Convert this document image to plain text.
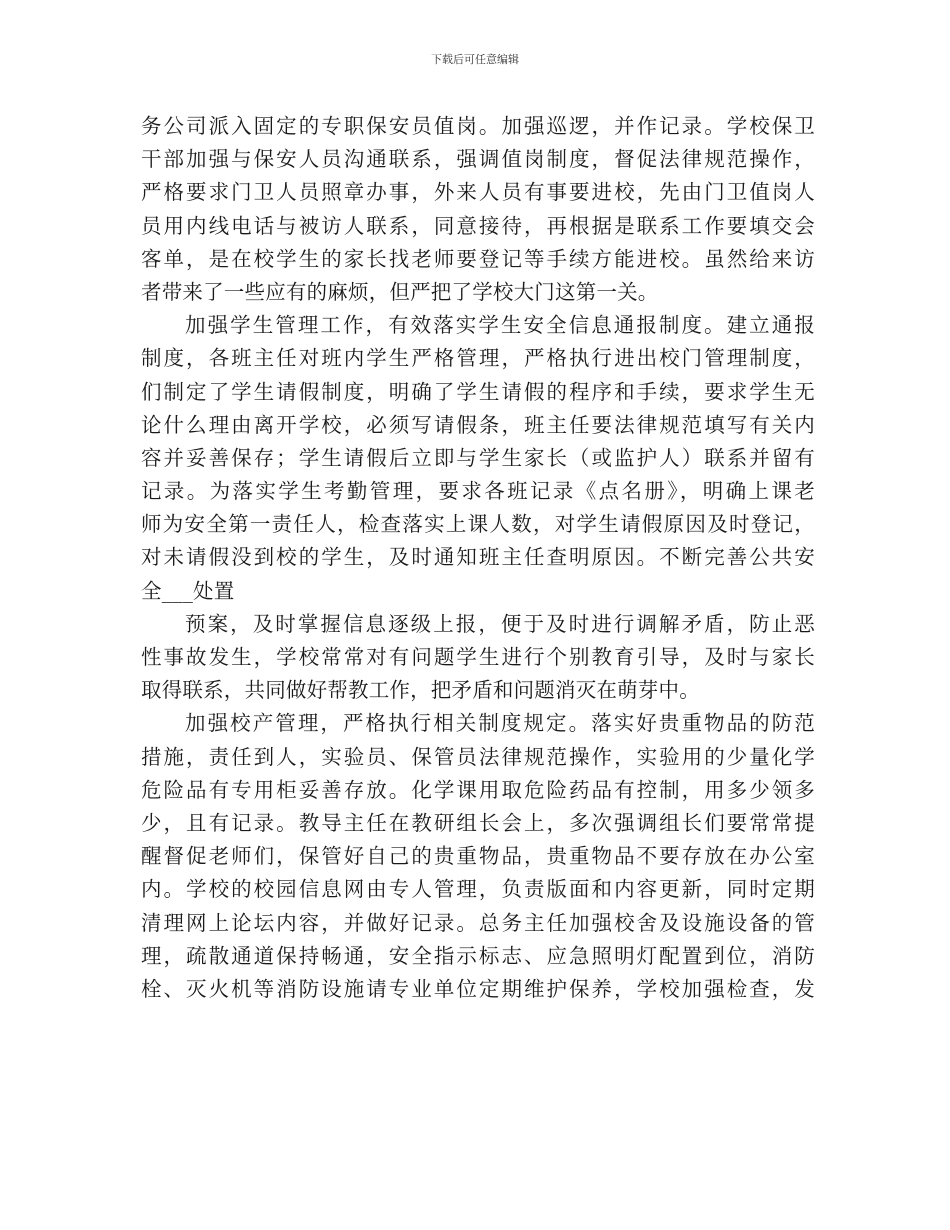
下载后可任意编辑
务公司派入固定的专职保安员值岗。加强巡逻，并作记录。学校保卫
干部加强与保安人员沟通联系，强调值岗制度，督促法律规范操作，
严格要求门卫人员照章办事，外来人员有事要进校，先由门卫值岗人
员用内线电话与被访人联系，同意接待，再根据是联系工作要填交会
客单，是在校学生的家长找老师要登记等手续方能进校。虽然给来访
者带来了一些应有的麻烦，但严把了学校大门这第一关。
加强学生管理工作，有效落实学生安全信息通报制度。建立通报
制度，各班主任对班内学生严格管理，严格执行进出校门管理制度，
们制定了学生请假制度，明确了学生请假的程序和手续，要求学生无
论什么理由离开学校，必须写请假条，班主任要法律规范填写有关内
容并妥善保存；学生请假后立即与学生家长（或监护人）联系并留有
记录。为落实学生考勤管理，要求各班记录《点名册》，明确上课老
师为安全第一责任人，检查落实上课人数，对学生请假原因及时登记，
对未请假没到校的学生，及时通知班主任查明原因。不断完善公共安
全___处置
预案，及时掌握信息逐级上报，便于及时进行调解矛盾，防止恶
性事故发生，学校常常对有问题学生进行个别教育引导，及时与家长
取得联系，共同做好帮教工作，把矛盾和问题消灭在萌芽中。
加强校产管理，严格执行相关制度规定。落实好贵重物品的防范
措施，责任到人，实验员、保管员法律规范操作，实验用的少量化学
危险品有专用柜妥善存放。化学课用取危险药品有控制，用多少领多
少，且有记录。教导主任在教研组长会上，多次强调组长们要常常提
醒督促老师们，保管好自己的贵重物品，贵重物品不要存放在办公室
内。学校的校园信息网由专人管理，负责版面和内容更新，同时定期
清理网上论坛内容，并做好记录。总务主任加强校舍及设施设备的管
理，疏散通道保持畅通，安全指示标志、应急照明灯配置到位，消防
栓、灭火机等消防设施请专业单位定期维护保养，学校加强检查，发
